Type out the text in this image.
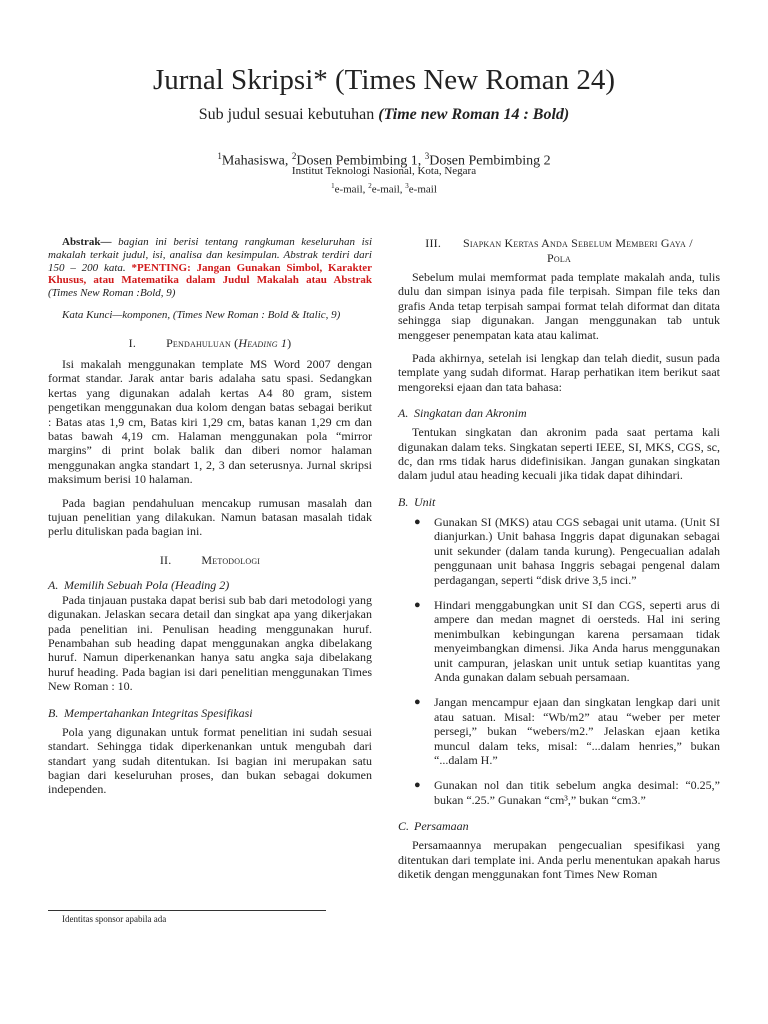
Jurnal Skripsi* (Times New Roman 24)
Sub judul sesuai kebutuhan (Time new Roman 14 : Bold)
$^1$Mahasiswa, $^2$Dosen Pembimbing 1, $^3$Dosen Pembimbing 2
Institut Teknologi Nasional, Kota, Negara
$^1$e-mail, $^2$e-mail, $^3$e-mail

Abstrak— bagian ini berisi tentang rangkuman keseluruhan isi makalah terkait judul, isi, analisa dan kesimpulan. Abstrak terdiri dari 150 – 200 kata. *PENTING: Jangan Gunakan Simbol, Karakter Khusus, atau Matematika dalam Judul Makalah atau Abstrak (Times New Roman :Bold, 9)

Kata Kunci—komponen, (Times New Roman : Bold & Italic, 9)

I.	Pendahuluan (Heading 1)

Isi makalah menggunakan template MS Word 2007 dengan format standar. Jarak antar baris adalaha satu spasi. Sedangkan kertas yang digunakan adalah kertas A4 80 gram, sistem pengetikan menggunakan dua kolom dengan batas sebagai berikut : Batas atas 1,9 cm, Batas kiri 1,29 cm, batas kanan 1,29 cm dan batas bawah 4,19 cm. Halaman menggunakan pola “mirror margins” di print bolak balik dan diberi nomor halaman menggunakan angka standart 1, 2, 3 dan seterusnya. Jurnal skripsi maksimum berisi 10 halaman.

Pada bagian pendahuluan mencakup rumusan masalah dan tujuan penelitian yang dilakukan. Namun batasan masalah tidak perlu dituliskan pada bagian ini.

II.	Metodologi
A. Memilih Sebuah Pola (Heading 2)

Pada tinjauan pustaka dapat berisi sub bab dari metodologi yang digunakan. Jelaskan secara detail dan singkat apa yang dikerjakan pada penelitian ini. Penulisan heading menggunakan huruf. Penambahan sub heading dapat menggunakan angka dibelakang huruf. Namun diperkenankan hanya satu angka saja dibelakang huruf heading. Pada bagian isi dari penelitian menggunakan Times New Roman : 10.

B. Mempertahankan Integritas Spesifikasi

Pola yang digunakan untuk format penelitian ini sudah sesuai standart. Sehingga tidak diperkenankan untuk mengubah dari standart yang sudah ditentukan. Isi bagian ini merupakan satu bagian dari keseluruhan proses, dan bukan sebagai dokumen independen.

III. Siapkan Kertas Anda Sebelum Memberi Gaya /
Pola

Sebelum mulai memformat pada template makalah anda, tulis dulu dan simpan isinya pada file terpisah. Simpan file teks dan grafis Anda tetap terpisah sampai format telah diformat dan ditata sehingga siap digunakan. Jangan menggunakan tab untuk menggeser penempatan kata atau kalimat.

Pada akhirnya, setelah isi lengkap dan telah diedit, susun pada template yang sudah diformat. Harap perhatikan item berikut saat mengoreksi ejaan dan tata bahasa:

A. Singkatan dan Akronim

Tentukan singkatan dan akronim pada saat pertama kali digunakan dalam teks. Singkatan seperti IEEE, SI, MKS, CGS, sc, dc, dan rms tidak harus didefinisikan. Jangan gunakan singkatan dalam judul atau heading kecuali jika tidak dapat dihindari.

B. Unit
● Gunakan SI (MKS) atau CGS sebagai unit utama. (Unit SI dianjurkan.) Unit bahasa Inggris dapat digunakan sebagai unit sekunder (dalam tanda kurung). Pengecualian adalah penggunaan unit bahasa Inggris sebagai pengenal dalam perdagangan, seperti “disk drive 3,5 inci.”
● Hindari menggabungkan unit SI dan CGS, seperti arus di ampere dan medan magnet di oersteds. Hal ini sering menimbulkan kebingungan karena persamaan tidak menyeimbangkan dimensi. Jika Anda harus menggunakan unit campuran, jelaskan unit untuk setiap kuantitas yang Anda gunakan dalam sebuah persamaan.
● Jangan mencampur ejaan dan singkatan lengkap dari unit atau satuan. Misal: “Wb/m2” atau “weber per meter persegi,” bukan “webers/m2.” Jelaskan ejaan ketika muncul dalam teks, misal: “...dalam henries,” bukan “...dalam H.”
● Gunakan nol dan titik sebelum angka desimal: “0.25,” bukan “.25.” Gunakan “cm³,” bukan “cm3.”
C. Persamaan

Persamaannya merupakan pengecualian spesifikasi yang ditentukan dari template ini. Anda perlu menentukan apakah harus diketik dengan menggunakan font Times New Roman

Identitas sponsor apabila ada
